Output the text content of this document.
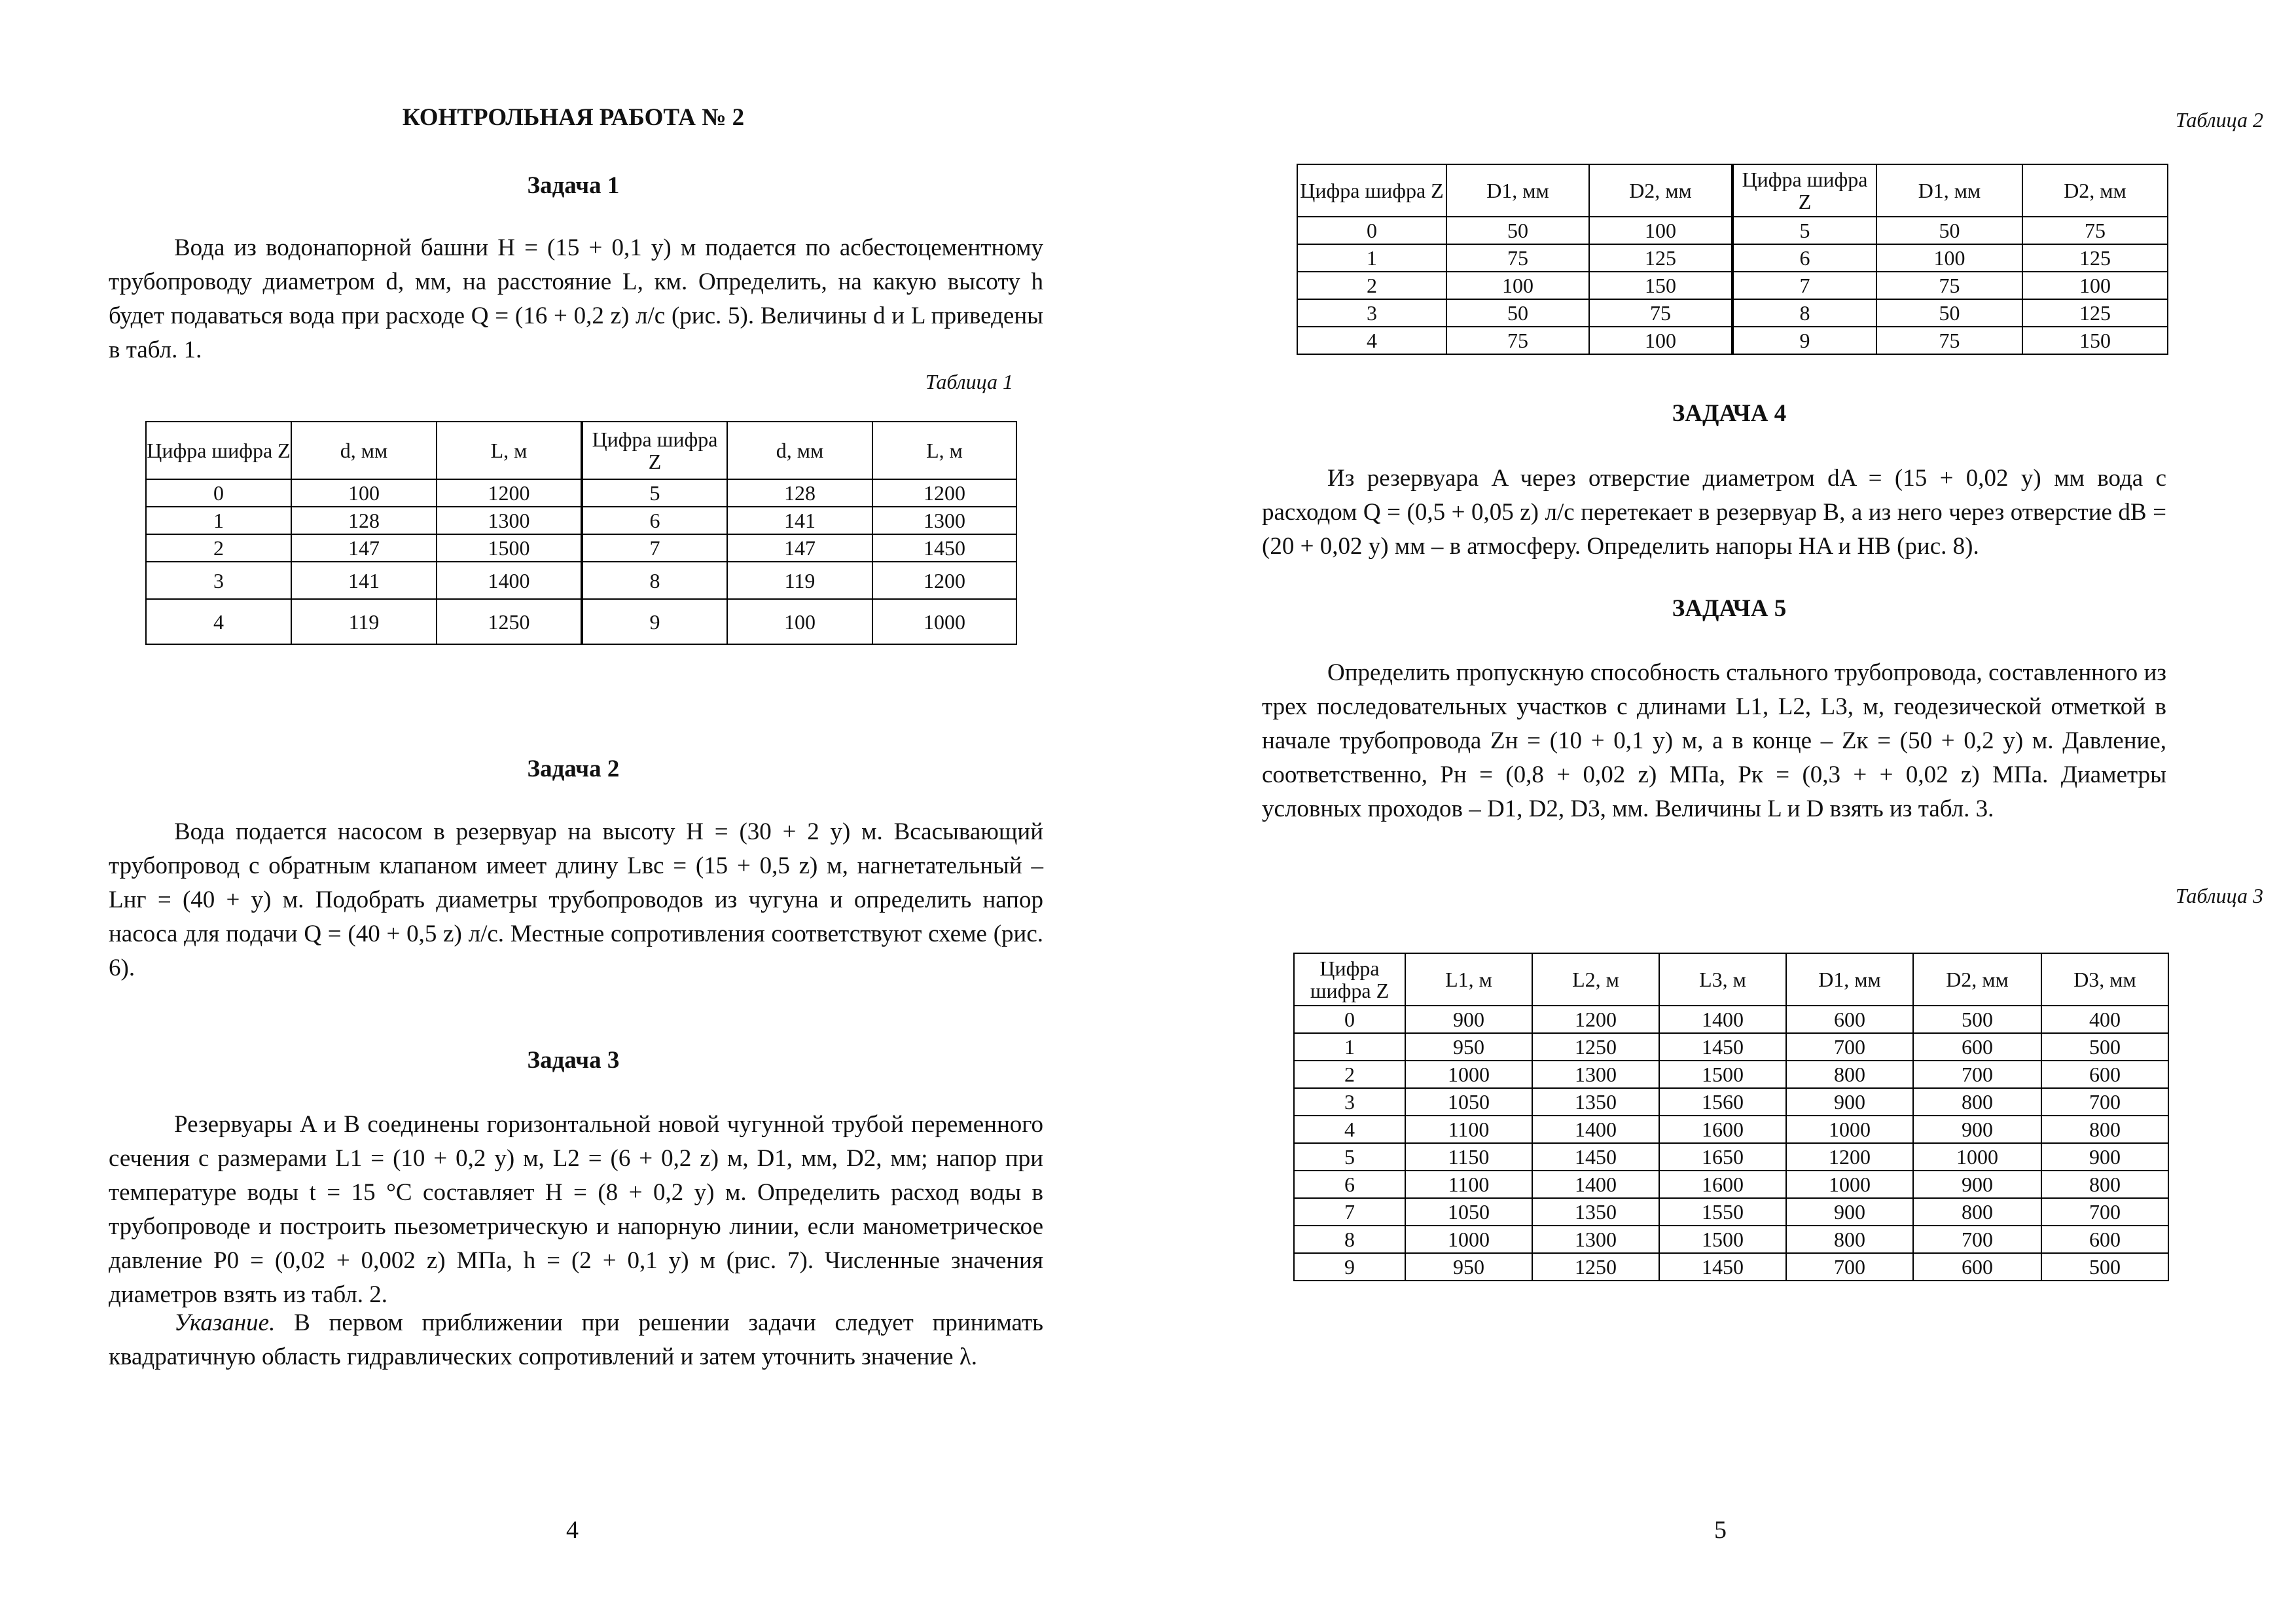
КОНТРОЛЬНАЯ РАБОТА № 2
Задача 1

Вода из водонапорной башни H = (15 + 0,1 y) м подается по асбестоцементному трубопроводу диаметром d, мм, на расстояние L, км. Определить, на какую высоту h будет подаваться вода при расходе Q = (16 + 0,2 z) л/с (рис. 5). Величины d и L приведены в табл. 1.

Таблица 1
Цифра шифра Z	d, мм	L, м	Цифра шифра Z	d, мм	L, м
0	100	1200	5	128	1200
1	128	1300	6	141	1300
2	147	1500	7	147	1450
3	141	1400	8	119	1200
4	119	1250	9	100	1000
Задача 2

Вода подается насосом в резервуар на высоту H = (30 + 2 y) м. Всасывающий трубопровод с обратным клапаном имеет длину Lвс = (15 + 0,5 z) м, нагнетательный – Lнг = (40 + y) м. Подобрать диаметры трубопроводов из чугуна и определить напор насоса для подачи Q = (40 + 0,5 z) л/с. Местные сопротивления соответствуют схеме (рис. 6).

Задача 3

Резервуары A и B соединены горизонтальной новой чугунной трубой переменного сечения с размерами L1 = (10 + 0,2 y) м, L2 = (6 + 0,2 z) м, D1, мм, D2, мм; напор при температуре воды t = 15 °С составляет H = (8 + 0,2 y) м. Определить расход воды в трубопроводе и построить пьезометрическую и напорную линии, если манометрическое давление P0 = (0,02 + 0,002 z) МПа, h = (2 + 0,1 y) м (рис. 7). Численные значения диаметров взять из табл. 2.

Указание. В первом приближении при решении задачи следует принимать квадратичную область гидравлических сопротивлений и затем уточнить значение λ.

4
Таблица 2
Цифра шифра Z	D1, мм	D2, мм	Цифра шифра Z	D1, мм	D2, мм
0	50	100	5	50	75
1	75	125	6	100	125
2	100	150	7	75	100
3	50	75	8	50	125
4	75	100	9	75	150
ЗАДАЧА 4

Из резервуара A через отверстие диаметром dA = (15 + 0,02 y) мм вода с расходом Q = (0,5 + 0,05 z) л/с перетекает в резервуар B, а из него через отверстие dB = (20 + 0,02 y) мм – в атмосферу. Определить напоры HA и HB (рис. 8).

ЗАДАЧА 5

Определить пропускную способность стального трубопровода, составленного из трех последовательных участков с длинами L1, L2, L3, м, геодезической отметкой в начале трубопровода Zн = (10 + 0,1 y) м, а в конце – Zк = (50 + 0,2 y) м. Давление, соответственно, Pн = (0,8 + 0,02 z) МПа, Pк = (0,3 + + 0,02 z) МПа. Диаметры условных проходов – D1, D2, D3, мм. Величины L и D взять из табл. 3.

Таблица 3
Цифра шифра Z	L1, м	L2, м	L3, м	D1, мм	D2, мм	D3, мм
0	900	1200	1400	600	500	400
1	950	1250	1450	700	600	500
2	1000	1300	1500	800	700	600
3	1050	1350	1560	900	800	700
4	1100	1400	1600	1000	900	800
5	1150	1450	1650	1200	1000	900
6	1100	1400	1600	1000	900	800
7	1050	1350	1550	900	800	700
8	1000	1300	1500	800	700	600
9	950	1250	1450	700	600	500
5
